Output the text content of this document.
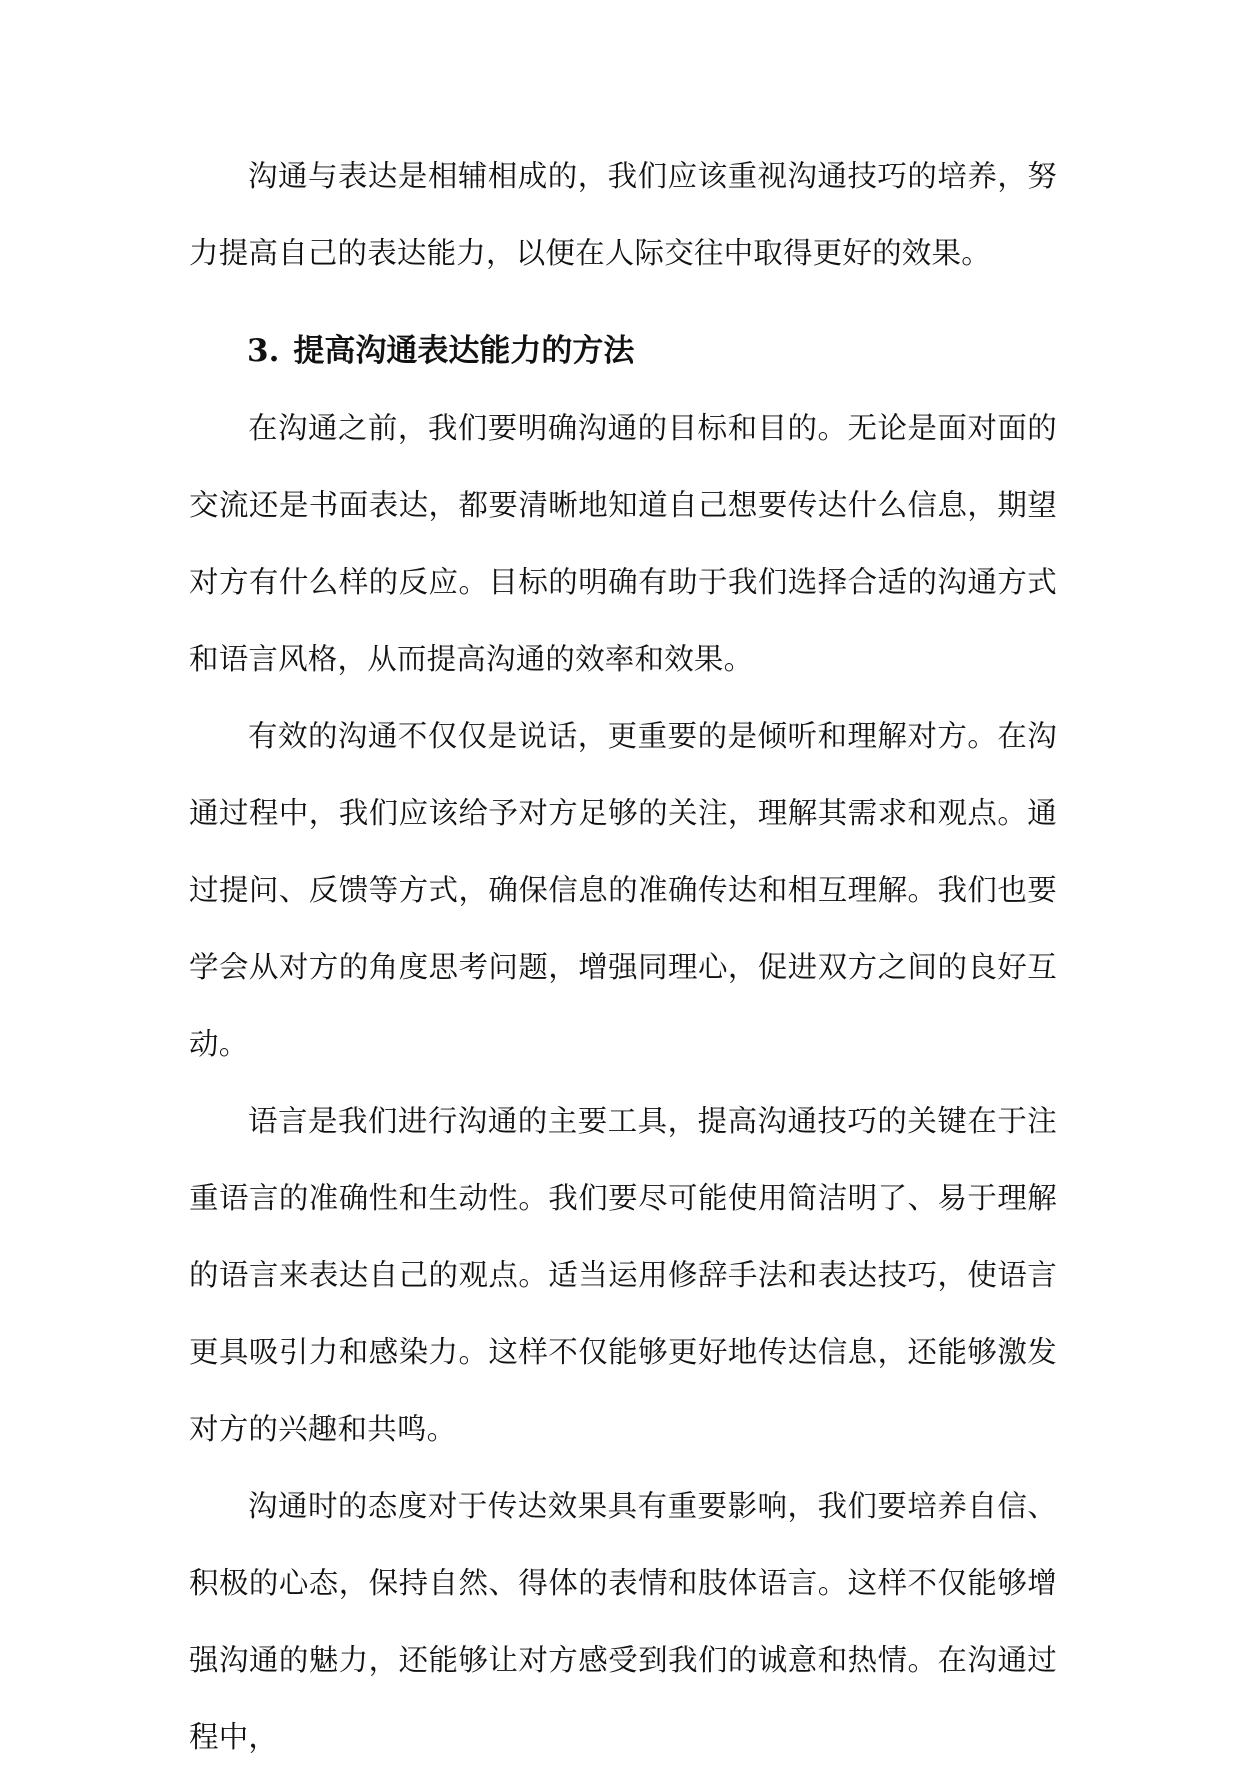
沟通与表达是相辅相成的，我们应该重视沟通技巧的培养，努力提高自己的表达能力，以便在人际交往中取得更好的效果。

3. 提高沟通表达能力的方法

在沟通之前，我们要明确沟通的目标和目的。无论是面对面的交流还是书面表达，都要清晰地知道自己想要传达什么信息，期望对方有什么样的反应。目标的明确有助于我们选择合适的沟通方式和语言风格，从而提高沟通的效率和效果。

有效的沟通不仅仅是说话，更重要的是倾听和理解对方。在沟通过程中，我们应该给予对方足够的关注，理解其需求和观点。通过提问、反馈等方式，确保信息的准确传达和相互理解。我们也要学会从对方的角度思考问题，增强同理心，促进双方之间的良好互动。

语言是我们进行沟通的主要工具，提高沟通技巧的关键在于注重语言的准确性和生动性。我们要尽可能使用简洁明了、易于理解的语言来表达自己的观点。适当运用修辞手法和表达技巧，使语言更具吸引力和感染力。这样不仅能够更好地传达信息，还能够激发对方的兴趣和共鸣。

沟通时的态度对于传达效果具有重要影响，我们要培养自信、积极的心态，保持自然、得体的表情和肢体语言。这样不仅能够增强沟通的魅力，还能够让对方感受到我们的诚意和热情。在沟通过程中，
